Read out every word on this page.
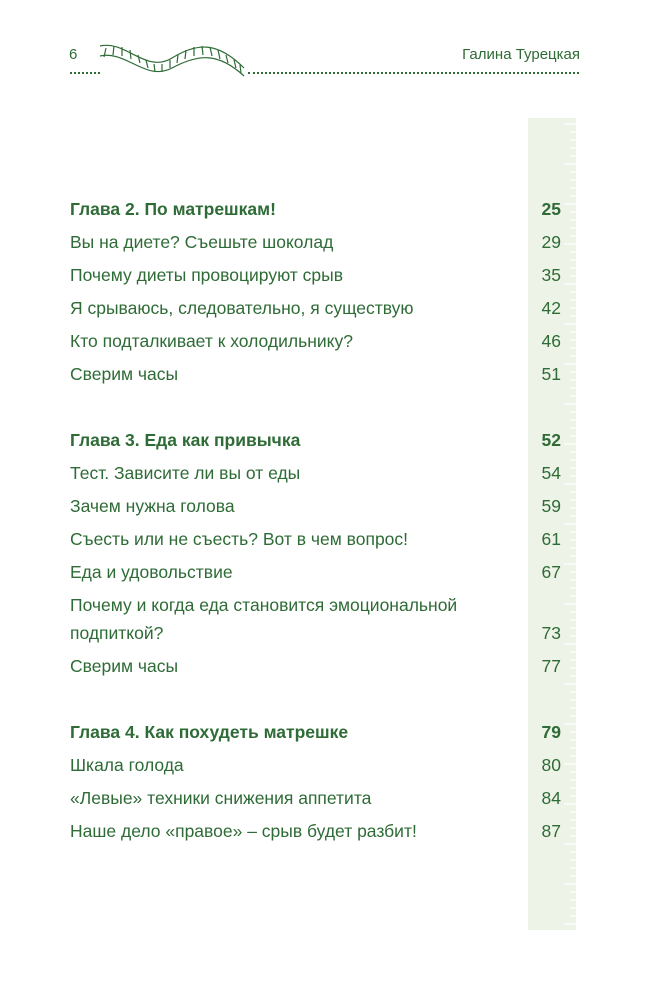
6	Галина Турецкая
Глава 2. По матрешкам!	25
Вы на диете? Съешьте шоколад	29
Почему диеты провоцируют срыв	35
Я срываюсь, следовательно, я существую	42
Кто подталкивает к холодильнику?	46
Сверим часы	51
Глава 3. Еда как привычка	52
Тест. Зависите ли вы от еды	54
Зачем нужна голова	59
Съесть или не съесть? Вот в чем вопрос!	61
Еда и удовольствие	67
Почему и когда еда становится эмоциональной
подпиткой?	73
Сверим часы	77
Глава 4. Как похудеть матрешке	79
Шкала голода	80
«Левые» техники снижения аппетита	84
Наше дело «правое» – срыв будет разбит!	87
